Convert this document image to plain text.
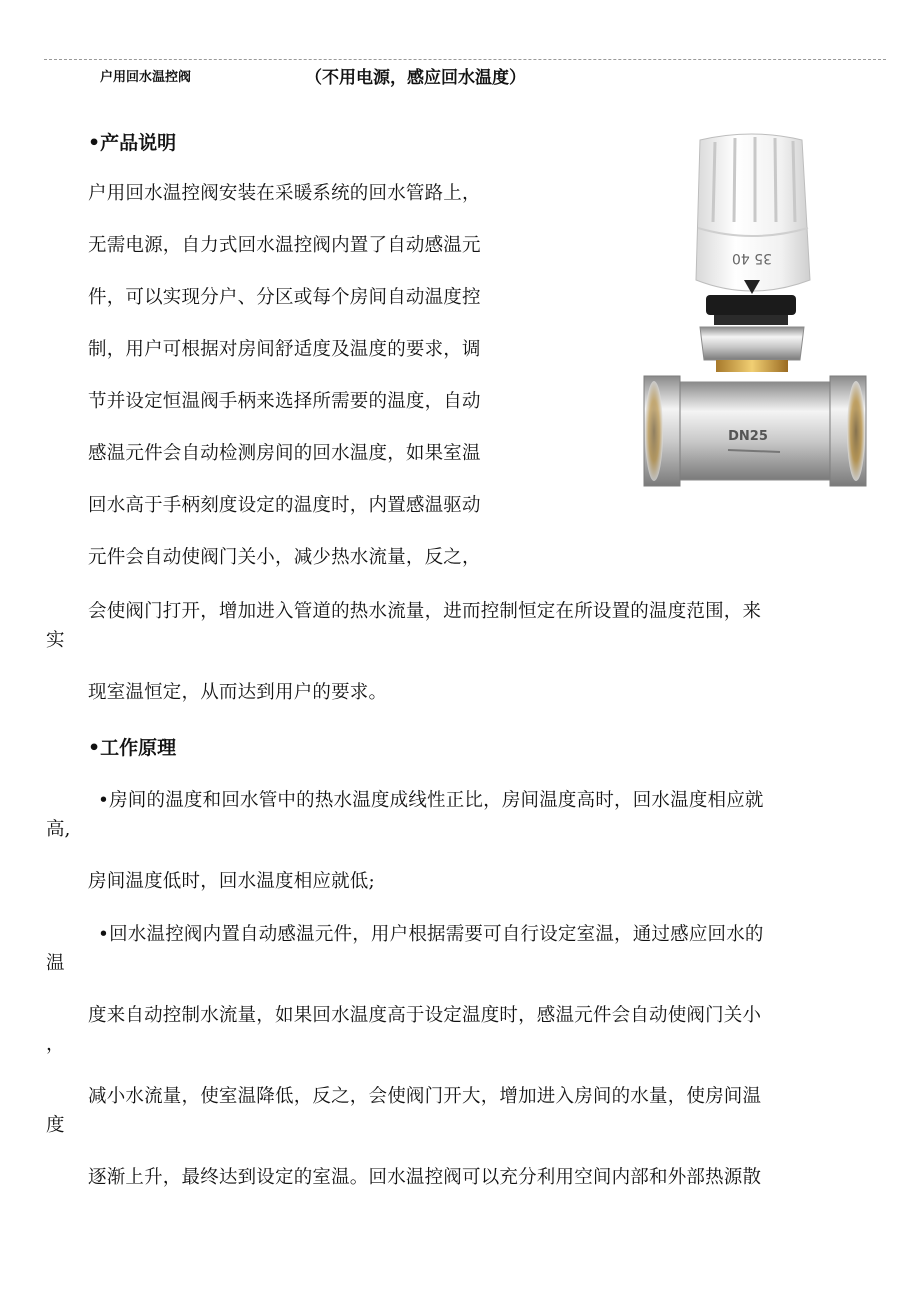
户用回水温控阀	（不用电源，感应回水温度）
•产品说明
户用回水温控阀安装在采暖系统的回水管路上，
无需电源，自力式回水温控阀内置了自动感温元
件，可以实现分户、分区或每个房间自动温度控
制，用户可根据对房间舒适度及温度的要求，调
节并设定恒温阀手柄来选择所需要的温度，自动
感温元件会自动检测房间的回水温度，如果室温
回水高于手柄刻度设定的温度时，内置感温驱动
元件会自动使阀门关小，减少热水流量，反之，
会使阀门打开，增加进入管道的热水流量，进而控制恒定在所设置的温度范围，来
实
现室温恒定，从而达到用户的要求。
•工作原理
•房间的温度和回水管中的热水温度成线性正比，房间温度高时，回水温度相应就
高,
房间温度低时，回水温度相应就低;
•回水温控阀内置自动感温元件，用户根据需要可自行设定室温，通过感应回水的
温
度来自动控制水流量，如果回水温度高于设定温度时，感温元件会自动使阀门关小
，
减小水流量，使室温降低，反之，会使阀门开大，增加进入房间的水量，使房间温
度
逐渐上升，最终达到设定的室温。回水温控阀可以充分利用空间内部和外部热源散
35 40
DN25
